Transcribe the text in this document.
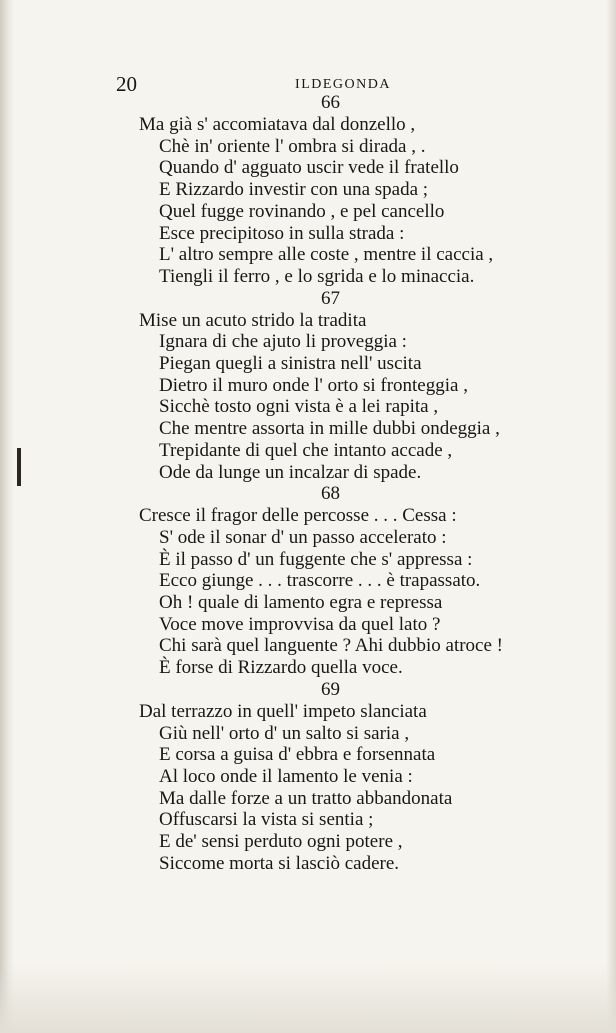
20	ILDEGONDA
66
Ma già s' accomiatava dal donzello ,
Chè in' oriente l' ombra si dirada , .
Quando d' agguato uscir vede il fratello
E Rizzardo investir con una spada ;
Quel fugge rovinando , e pel cancello
Esce precipitoso in sulla strada :
L' altro sempre alle coste , mentre il caccia ,
Tiengli il ferro , e lo sgrida e lo minaccia.
67
Mise un acuto strido la tradita
Ignara di che ajuto li proveggia :
Piegan quegli a sinistra nell' uscita
Dietro il muro onde l' orto si fronteggia ,
Sicchè tosto ogni vista è a lei rapita ,
Che mentre assorta in mille dubbi ondeggia ,
Trepidante di quel che intanto accade ,
Ode da lunge un incalzar di spade.
68
Cresce il fragor delle percosse . . . Cessa :
S' ode il sonar d' un passo accelerato :
È il passo d' un fuggente che s' appressa :
Ecco giunge . . . trascorre . . . è trapassato.
Oh ! quale di lamento egra e repressa
Voce move improvvisa da quel lato ?
Chi sarà quel languente ? Ahi dubbio atroce !
È forse di Rizzardo quella voce.
69
Dal terrazzo in quell' impeto slanciata
Giù nell' orto d' un salto si saria ,
E corsa a guisa d' ebbra e forsennata
Al loco onde il lamento le venia :
Ma dalle forze a un tratto abbandonata
Offuscarsi la vista si sentia ;
E de' sensi perduto ogni potere ,
Siccome morta si lasciò cadere.
